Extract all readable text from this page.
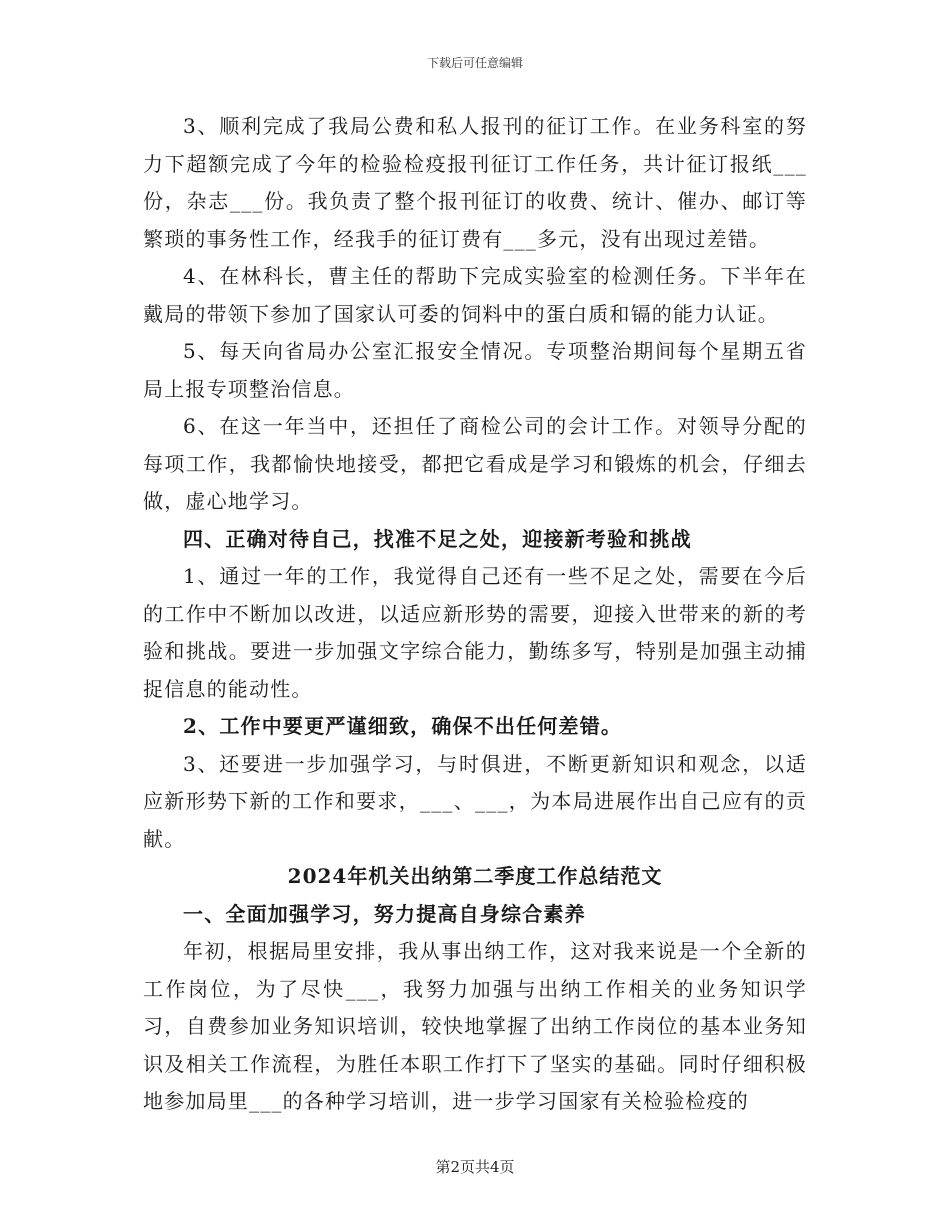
下载后可任意编辑

3、顺利完成了我局公费和私人报刊的征订工作。在业务科室的努力下超额完成了今年的检验检疫报刊征订工作任务，共计征订报纸___份，杂志___份。我负责了整个报刊征订的收费、统计、催办、邮订等繁琐的事务性工作，经我手的征订费有___多元，没有出现过差错。

4、在林科长，曹主任的帮助下完成实验室的检测任务。下半年在戴局的带领下参加了国家认可委的饲料中的蛋白质和镉的能力认证。

5、每天向省局办公室汇报安全情况。专项整治期间每个星期五省局上报专项整治信息。

6、在这一年当中，还担任了商检公司的会计工作。对领导分配的每项工作，我都愉快地接受，都把它看成是学习和锻炼的机会，仔细去做，虚心地学习。

四、正确对待自己，找准不足之处，迎接新考验和挑战

1、通过一年的工作，我觉得自己还有一些不足之处，需要在今后的工作中不断加以改进，以适应新形势的需要，迎接入世带来的新的考验和挑战。要进一步加强文字综合能力，勤练多写，特别是加强主动捕捉信息的能动性。

2、工作中要更严谨细致，确保不出任何差错。

3、还要进一步加强学习，与时俱进，不断更新知识和观念，以适应新形势下新的工作和要求，___、___，为本局进展作出自己应有的贡献。

2024年机关出纳第二季度工作总结范文

一、全面加强学习，努力提高自身综合素养

年初，根据局里安排，我从事出纳工作，这对我来说是一个全新的工作岗位，为了尽快___，我努力加强与出纳工作相关的业务知识学习，自费参加业务知识培训，较快地掌握了出纳工作岗位的基本业务知识及相关工作流程，为胜任本职工作打下了坚实的基础。同时仔细积极地参加局里___的各种学习培训，进一步学习国家有关检验检疫的

第2页共4页
